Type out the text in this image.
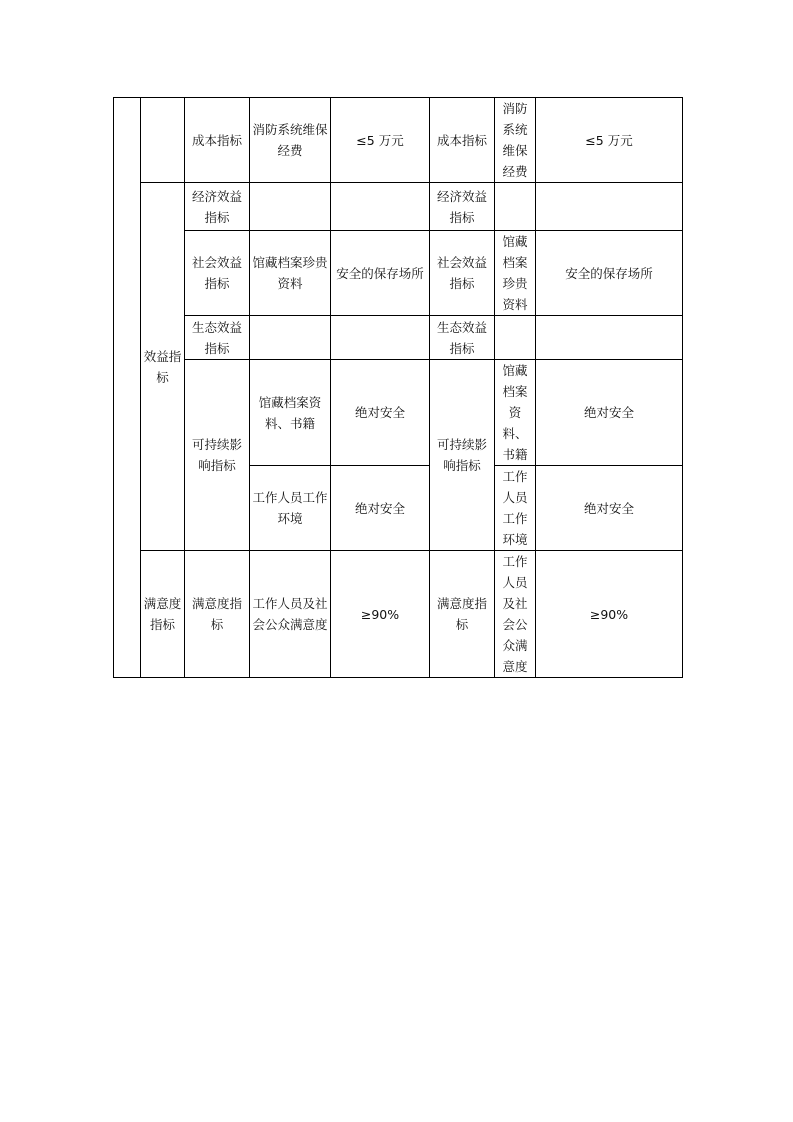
		成本指标	消防系统维保经费	≤5 万元	成本指标	消防系统维保经费	≤5 万元
	效益指标	经济效益指标			经济效益指标		
		社会效益指标	馆藏档案珍贵资料	安全的保存场所	社会效益指标	馆藏档案珍贵资料	安全的保存场所
		生态效益指标			生态效益指标		
		可持续影响指标	馆藏档案资料、书籍	绝对安全	可持续影响指标	馆藏档案资料、书籍	绝对安全
			工作人员工作环境	绝对安全		工作人员工作环境	绝对安全
	满意度指标	满意度指标	工作人员及社会公众满意度	≥90%	满意度指标	工作人员及社会公众满意度	≥90%
